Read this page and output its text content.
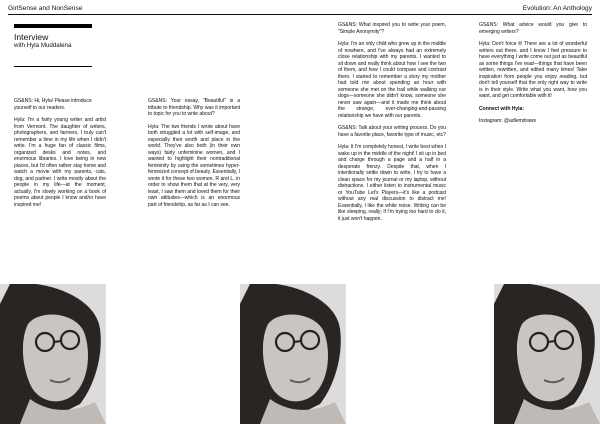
GirlSense and NonSense	Evolution: An Anthology
Interview
with Hyla Muddalena

GS&NS: Hi, Hyla! Please introduce yourself to our readers.

Hyla: I'm a fairly young writer and artist from Vermont. The daughter of writers, photographers, and farmers, I truly can't remember a time in my life when I didn't write. I'm a huge fan of classic films, organized desks and notes, and enormous libraries. I love being in new places, but I'd often rather stay home and watch a movie with my parents, cats, dog, and partner. I write mostly about the people in my life—at the moment, actually, I'm slowly working on a book of poems about people I know and/or have inspired me!

GS&NS: Your essay, "Beautiful" is a tribute to friendship. Why was it important to topic for you to write about?

Hyla: The two friends I wrote about have both struggled a lot with self-image, and especially their worth and place in the world. They've also both (in their own ways) fairly unfeminine women, and I wanted to highlight their nontraditional femininity by using the sometimes hyper-feminized concept of beauty. Essentially, I wrote it for these two women, R and L, in order to show them that at the very, very least, I saw them and loved them for their own attitudes—which is an enormous part of friendship, as far as I can see.

GS&NS: What inspired you to write your poem, "Simple Anonymity"?

Hyla: I'm an only child who grew up in the middle of nowhere, and I've always had an extremely close relationship with my parents. I wanted to sit down and really think about how I see the two of them, and how I could compare and contrast them. I started to remember a story my mother had told me about spending an hour with someone she met on the trail while walking our dogs—someone she didn't know, someone she never saw again—and it made me think about the strange, ever-changing-and-passing relationship we have with our parents.

GS&NS: Talk about your writing process. Do you have a favorite place, favorite type of music, etc?

Hyla: It I'm completely honest, I write best when I wake up in the middle of the night! I sit up in bed and charge through a page and a half in a desperate frenzy. Despite that, when I intentionally settle down to write, I try to have a clean space for my journal or my laptop, without distractions. I either listen to instrumental music or YouTube Let's Players—it's like a podcast without any real discussion to distract me! Essentially, I like the white noise. Writing can be like sleeping, really; if I'm trying too hard to do it, it just won't happen.

GS&NS: What advice would you give to emerging writers?

Hyla: Don't force it! There are a lot of wonderful writers out there, and I know I feel pressure to have everything I write come out just as beautiful as some things I've read—things that have been written, rewritten, and edited many times! Take inspiration from people you enjoy reading, but don't tell yourself that the only right way to write is in their style. Write what you want, how you want, and get comfortable with it!

Connect with Hyla:

Instagram: @adlemdraws
